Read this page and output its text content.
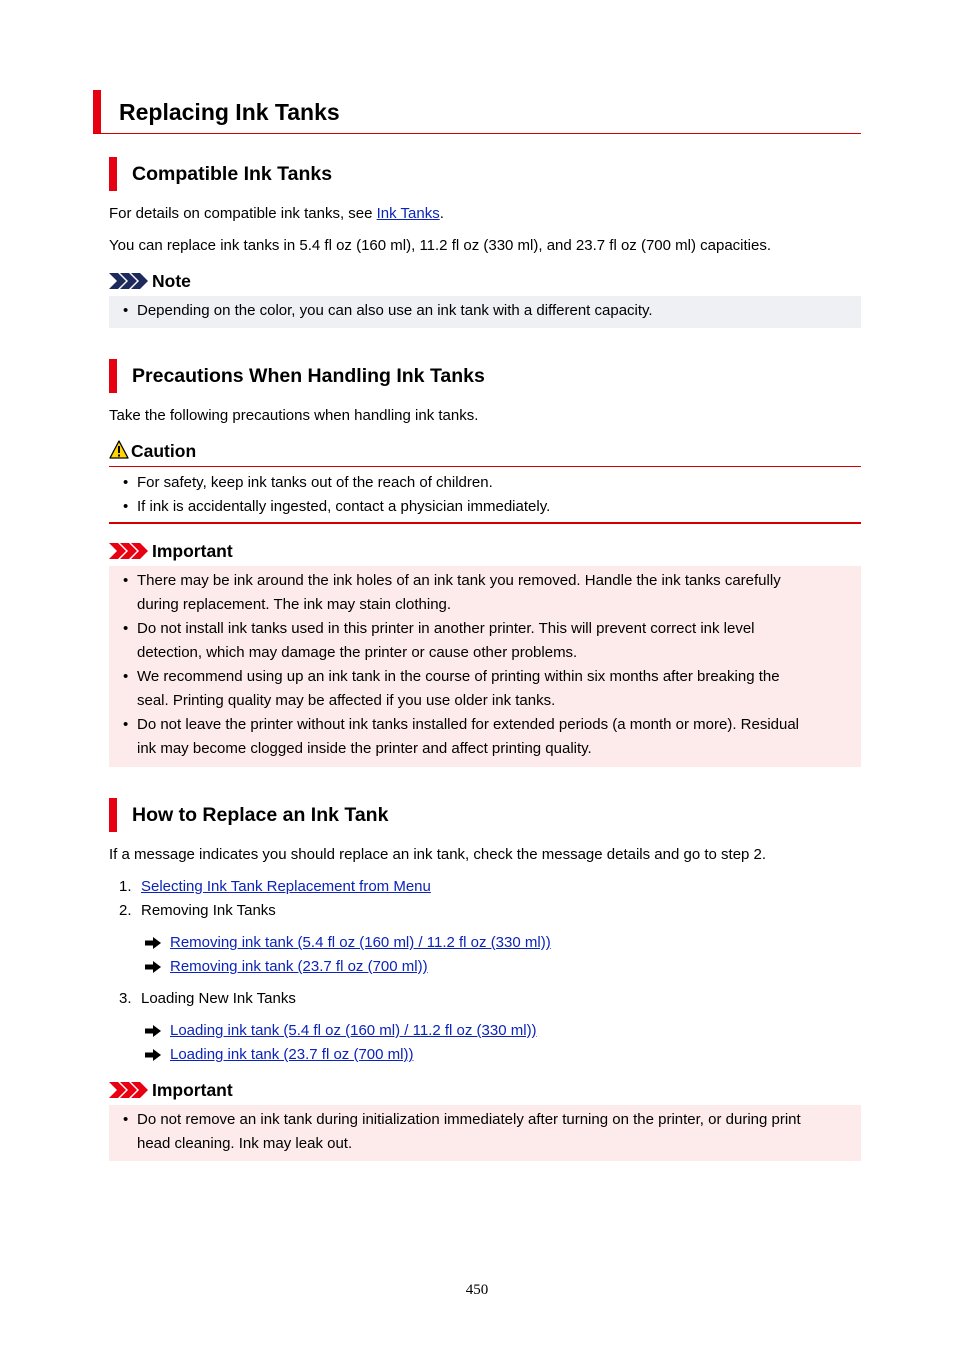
Replacing Ink Tanks
Compatible Ink Tanks
For details on compatible ink tanks, see Ink Tanks.
You can replace ink tanks in 5.4 fl oz (160 ml), 11.2 fl oz (330 ml), and 23.7 fl oz (700 ml) capacities.
Note
• Depending on the color, you can also use an ink tank with a different capacity.
Precautions When Handling Ink Tanks
Take the following precautions when handling ink tanks.
Caution
• For safety, keep ink tanks out of the reach of children.
• If ink is accidentally ingested, contact a physician immediately.
Important
• There may be ink around the ink holes of an ink tank you removed. Handle the ink tanks carefully
during replacement. The ink may stain clothing.
• Do not install ink tanks used in this printer in another printer. This will prevent correct ink level
detection, which may damage the printer or cause other problems.
• We recommend using up an ink tank in the course of printing within six months after breaking the
seal. Printing quality may be affected if you use older ink tanks.
• Do not leave the printer without ink tanks installed for extended periods (a month or more). Residual
ink may become clogged inside the printer and affect printing quality.
How to Replace an Ink Tank
If a message indicates you should replace an ink tank, check the message details and go to step 2.
1. Selecting Ink Tank Replacement from Menu
2. Removing Ink Tanks
Removing ink tank (5.4 fl oz (160 ml) / 11.2 fl oz (330 ml))
Removing ink tank (23.7 fl oz (700 ml))
3. Loading New Ink Tanks
Loading ink tank (5.4 fl oz (160 ml) / 11.2 fl oz (330 ml))
Loading ink tank (23.7 fl oz (700 ml))
Important
• Do not remove an ink tank during initialization immediately after turning on the printer, or during print
head cleaning. Ink may leak out.
450
